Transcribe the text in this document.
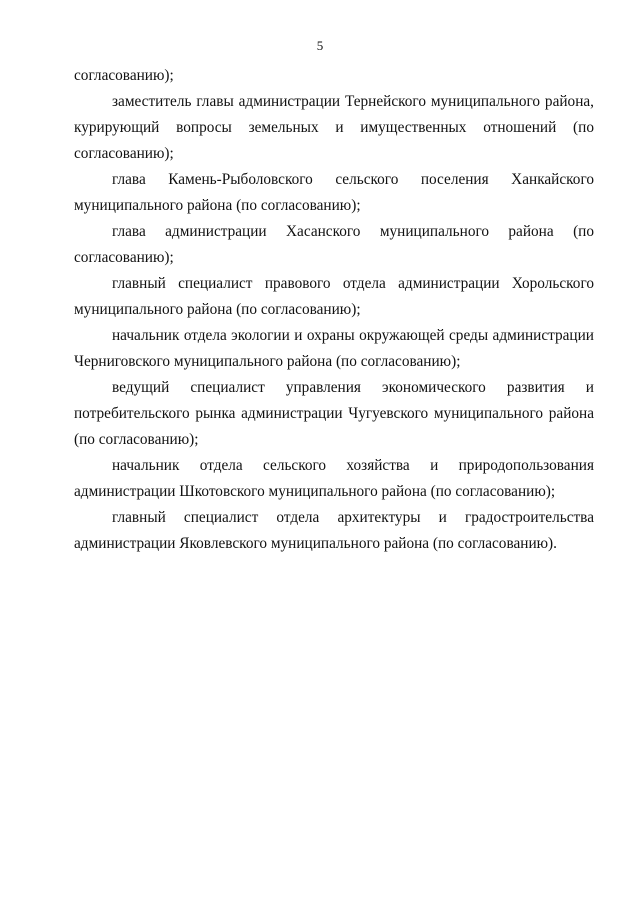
5

согласованию);

заместитель главы администрации Тернейского муниципального района, курирующий вопросы земельных и имущественных отношений (по согласованию);

глава Камень-Рыболовского сельского поселения Ханкайского муниципального района (по согласованию);

глава администрации Хасанского муниципального района (по согласованию);

главный специалист правового отдела администрации Хорольского муниципального района (по согласованию);

начальник отдела экологии и охраны окружающей среды администрации Черниговского муниципального района (по согласованию);

ведущий специалист управления экономического развития и потребительского рынка администрации Чугуевского муниципального района (по согласованию);

начальник отдела сельского хозяйства и природопользования администрации Шкотовского муниципального района (по согласованию);

главный специалист отдела архитектуры и градостроительства администрации Яковлевского муниципального района (по согласованию).
